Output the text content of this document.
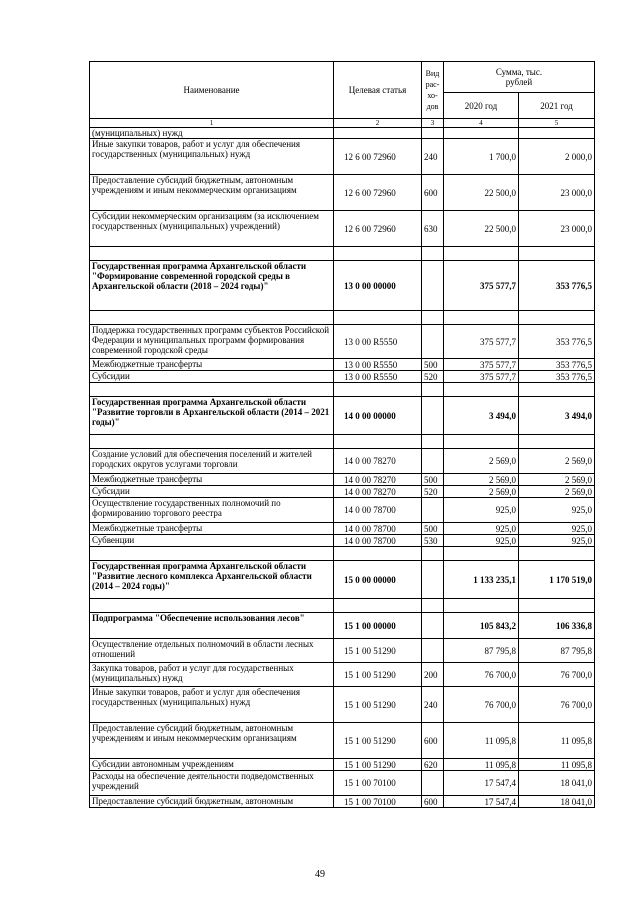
Наименование	Целевая статья	Вид рас-хо-дов	Сумма, тыс. рублей	
			2020 год	2021 год
1	2	3	4	5
(муниципальных) нужд				
Иные закупки товаров, работ и услуг для обеспечения государственных (муниципальных) нужд	12 6 00 72960	240	1 700,0	2 000,0
Предоставление субсидий бюджетным, автономным учреждениям и иным некоммерческим организациям	12 6 00 72960	600	22 500,0	23 000,0
Субсидии некоммерческим организациям (за исключением государственных (муниципальных) учреждений)	12 6 00 72960	630	22 500,0	23 000,0

Государственная программа Архангельской области "Формирование современной городской среды в Архангельской области (2018 – 2024 годы)"	13 0 00 00000		375 577,7	353 776,5

Поддержка государственных программ субъектов Российской Федерации и муниципальных программ формирования современной городской среды	13 0 00 R5550		375 577,7	353 776,5
Межбюджетные трансферты	13 0 00 R5550	500	375 577,7	353 776,5
Субсидии	13 0 00 R5550	520	375 577,7	353 776,5

Государственная программа Архангельской области "Развитие торговли в Архангельской области (2014 – 2021 годы)"	14 0 00 00000		3 494,0	3 494,0

Создание условий для обеспечения поселений и жителей городских округов услугами торговли	14 0 00 78270		2 569,0	2 569,0
Межбюджетные трансферты	14 0 00 78270	500	2 569,0	2 569,0
Субсидии	14 0 00 78270	520	2 569,0	2 569,0
Осуществление государственных полномочий по формированию торгового реестра	14 0 00 78700		925,0	925,0
Межбюджетные трансферты	14 0 00 78700	500	925,0	925,0
Субвенции	14 0 00 78700	530	925,0	925,0

Государственная программа Архангельской области "Развитие лесного комплекса Архангельской области (2014 – 2024 годы)"	15 0 00 00000		1 133 235,1	1 170 519,0

Подпрограмма "Обеспечение использования лесов"	15 1 00 00000		105 843,2	106 336,8
Осуществление отдельных полномочий в области лесных отношений	15 1 00 51290		87 795,8	87 795,8
Закупка товаров, работ и услуг для государственных (муниципальных) нужд	15 1 00 51290	200	76 700,0	76 700,0
Иные закупки товаров, работ и услуг для обеспечения государственных (муниципальных) нужд	15 1 00 51290	240	76 700,0	76 700,0
Предоставление субсидий бюджетным, автономным учреждениям и иным некоммерческим организациям	15 1 00 51290	600	11 095,8	11 095,8
Субсидии автономным учреждениям	15 1 00 51290	620	11 095,8	11 095,8
Расходы на обеспечение деятельности подведомственных учреждений	15 1 00 70100		17 547,4	18 041,0
Предоставление субсидий бюджетным, автономным	15 1 00 70100	600	17 547,4	18 041,0
49
